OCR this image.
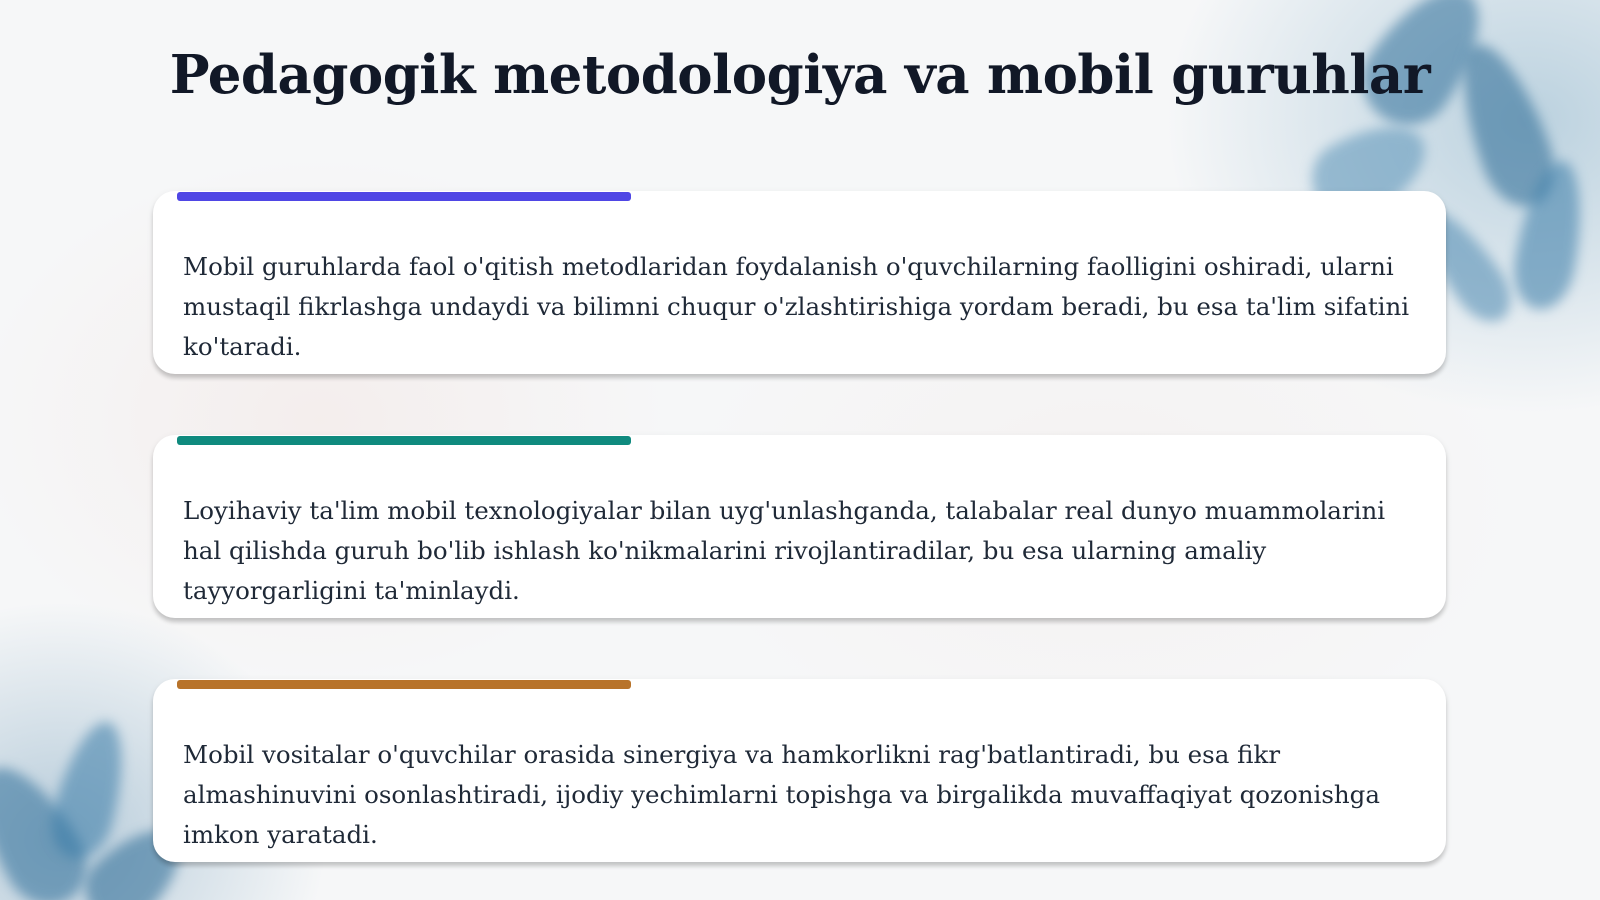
Pedagogik metodologiya va mobil guruhlar

Mobil guruhlarda faol o'qitish metodlaridan foydalanish o'quvchilarning faolligini oshiradi, ularni mustaqil fikrlashga undaydi va bilimni chuqur o'zlashtirishiga yordam beradi, bu esa ta'lim sifatini ko'taradi.

Loyihaviy ta'lim mobil texnologiyalar bilan uyg'unlashganda, talabalar real dunyo muammolarini hal qilishda guruh bo'lib ishlash ko'nikmalarini rivojlantiradilar, bu esa ularning amaliy tayyorgarligini ta'minlaydi.

Mobil vositalar o'quvchilar orasida sinergiya va hamkorlikni rag'batlantiradi, bu esa fikr almashinuvini osonlashtiradi, ijodiy yechimlarni topishga va birgalikda muvaffaqiyat qozonishga imkon yaratadi.
